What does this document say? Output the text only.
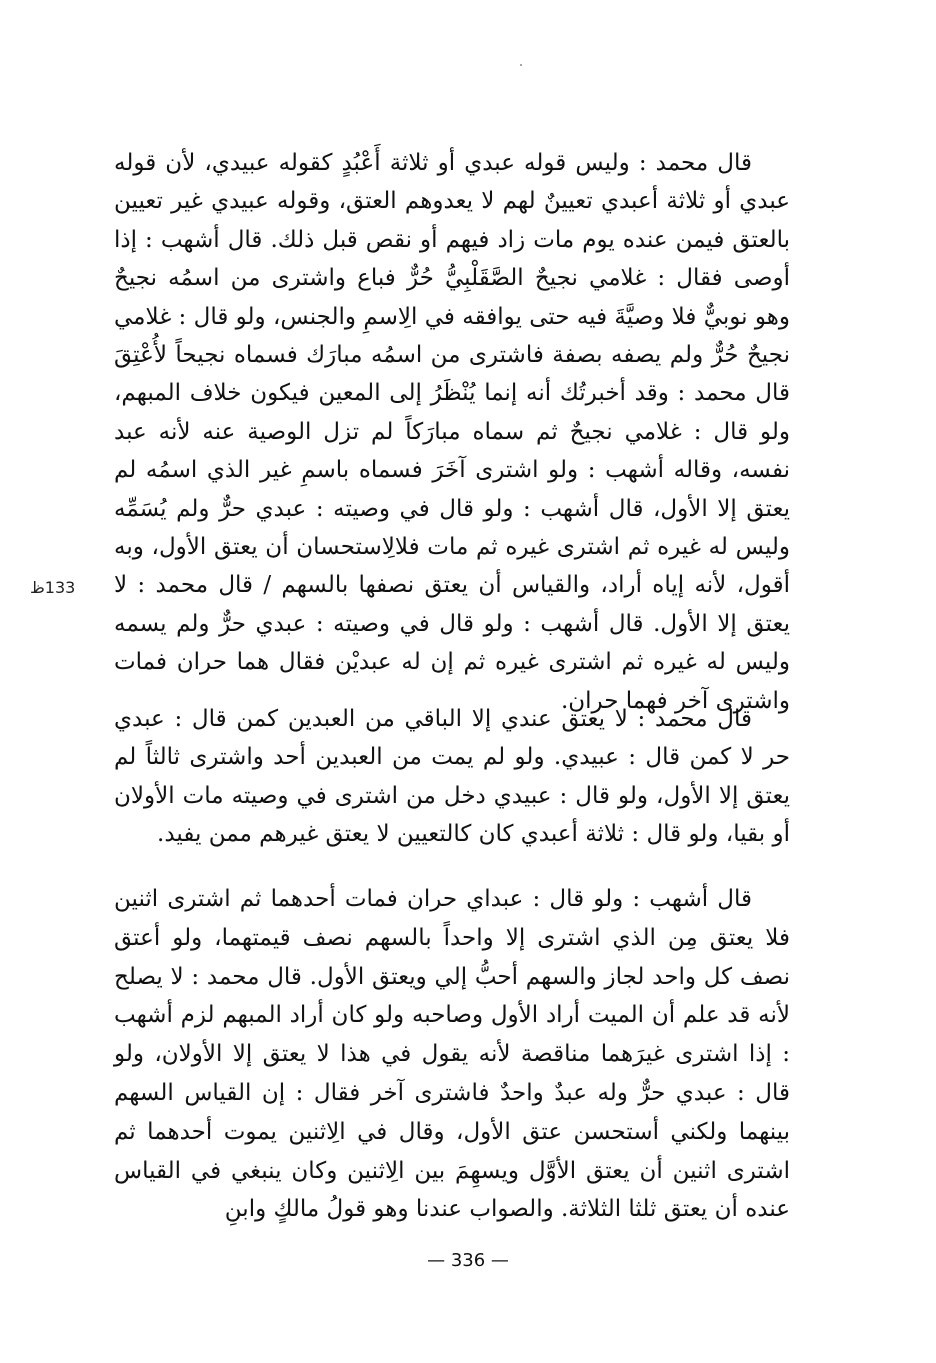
قال محمد : وليس قوله عبدي أو ثلاثة أَعْبُدٍ كقوله عبيدي، لأن قوله عبدي أو ثلاثة أعبدي تعيينٌ لهم لا يعدوهم العتق، وقوله عبيدي غير تعيين بالعتق فيمن عنده يوم مات زاد فيهم أو نقص قبل ذلك. قال أشهب : إذا أوصى فقال : غلامي نجيحٌ الصَّقَلْبِيُّ حُرٌّ فباع واشترى من اسمُه نجيحٌ وهو نوبيٌّ فلا وصيَّةَ فيه حتى يوافقه في الِاسمِ والجنس، ولو قال : غلامي نجيحٌ حُرٌّ ولم يصفه بصفة فاشترى من اسمُه مبارَك فسماه نجيحاً لأُعْتِقَ قال محمد : وقد أخبرتُك أنه إنما يُنْظَرُ إلى المعين فيكون خلاف المبهم، ولو قال : غلامي نجيحٌ ثم سماه مبارَكاً لم تزل الوصية عنه لأنه عبد نفسه، وقاله أشهب : ولو اشترى آخَرَ فسماه باسمِ غير الذي اسمُه لم يعتق إلا الأول، قال أشهب : ولو قال في وصيته : عبدي حرٌّ ولم يُسَمِّه وليس له غيره ثم اشترى غيره ثم مات فلالِاستحسان أن يعتق الأول، وبه أقول، لأنه إياه أراد، والقياس أن يعتق نصفها بالسهم / قال محمد : لا يعتق إلا الأول. قال أشهب : ولو قال في وصيته : عبدي حرٌّ ولم يسمه وليس له غيره ثم اشترى غيره ثم إن له عبديْن فقال هما حران فمات واشترى آخر فهما حران.

قال محمد : لا يعتق عندي إلا الباقي من العبدين كمن قال : عبدي حر لا كمن قال : عبيدي. ولو لم يمت من العبدين أحد واشترى ثالثاً لم يعتق إلا الأول، ولو قال : عبيدي دخل من اشترى في وصيته مات الأولان أو بقيا، ولو قال : ثلاثة أعبدي كان كالتعيين لا يعتق غيرهم ممن يفيد.

قال أشهب : ولو قال : عبداي حران فمات أحدهما ثم اشترى اثنين فلا يعتق مِن الذي اشترى إلا واحداً بالسهم نصف قيمتهما، ولو أعتق نصف كل واحد لجاز والسهم أحبُّ إلي ويعتق الأول. قال محمد : لا يصلح لأنه قد علم أن الميت أراد الأول وصاحبه ولو كان أراد المبهم لزم أشهب : إذا اشترى غيرَهما مناقصة لأنه يقول في هذا لا يعتق إلا الأولان، ولو قال : عبدي حرٌّ وله عبدٌ واحدٌ فاشترى آخر فقال : إن القياس السهم بينهما ولكني أستحسن عتق الأول، وقال في الِاثنين يموت أحدهما ثم اشترى اثنين أن يعتق الأوَّل ويسهِمَ بين الِاثنين وكان ينبغي في القياس عنده أن يعتق ثلثا الثلاثة. والصواب عندنا وهو قولُ مالكٍ وابنِ

133ظ
— 336 —
